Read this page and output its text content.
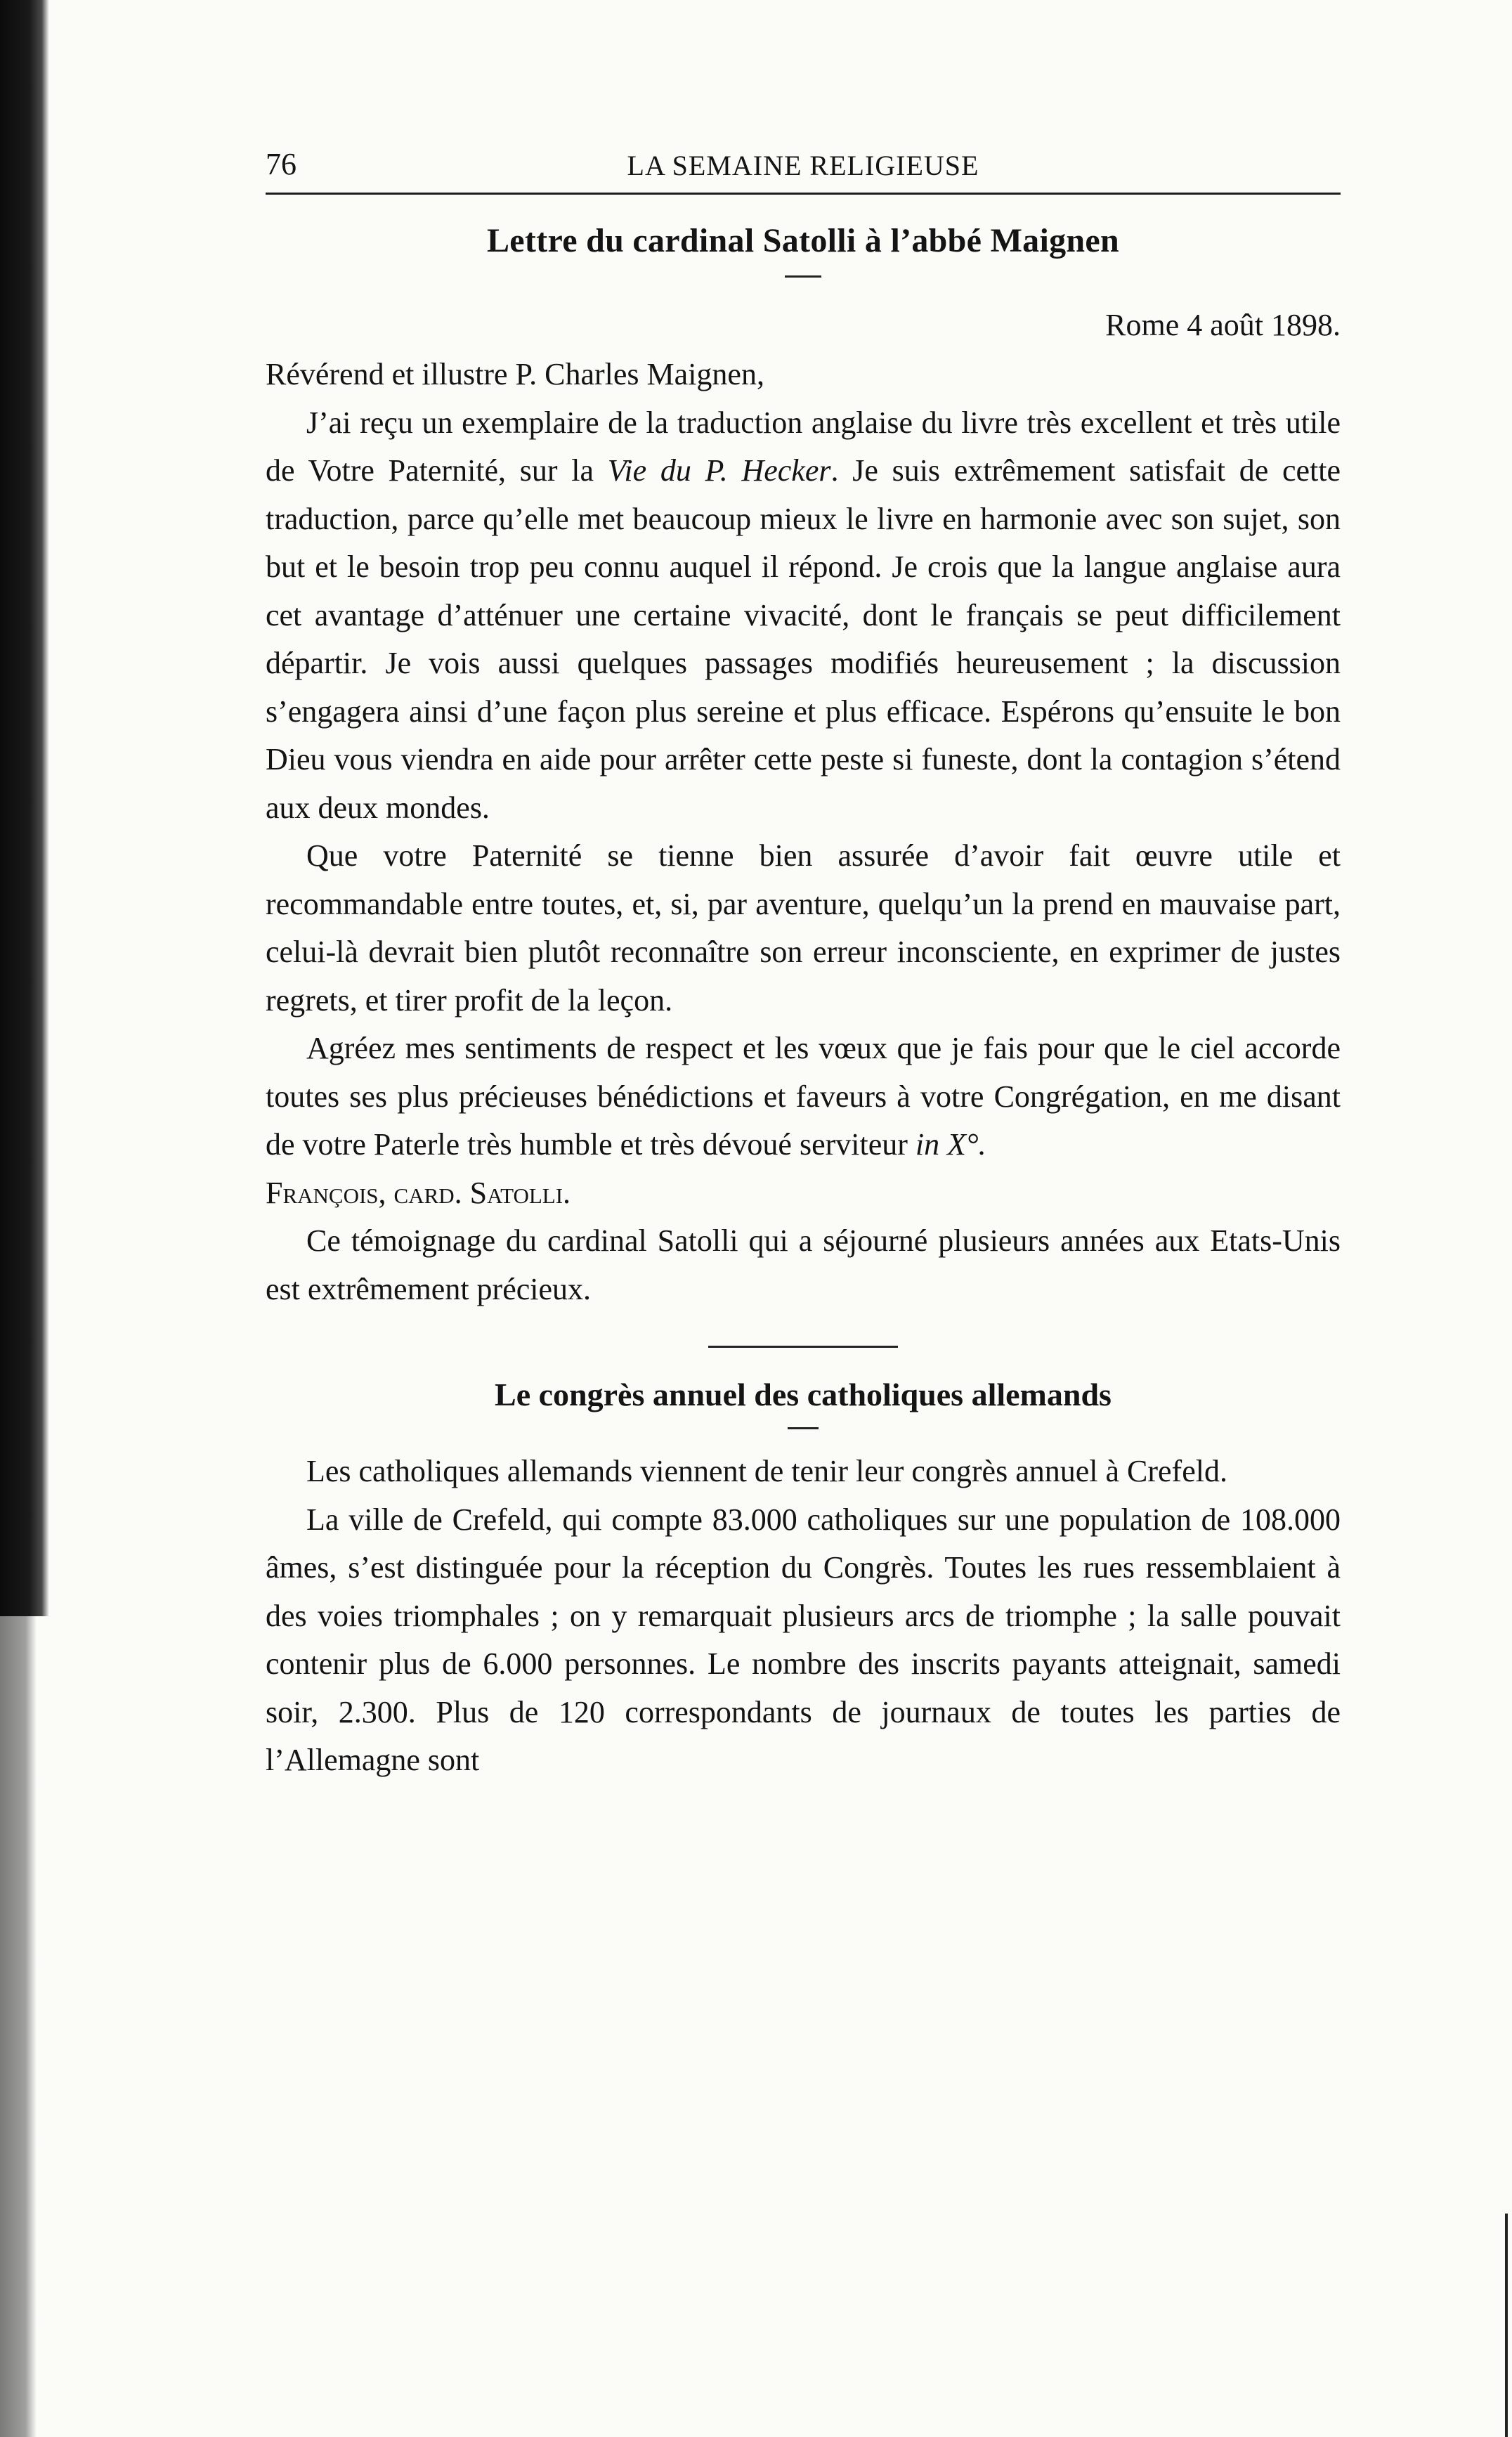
76	LA SEMAINE RELIGIEUSE
Lettre du cardinal Satolli à l’abbé Maignen
Rome 4 août 1898.

Révérend et illustre P. Charles Maignen,

J’ai reçu un exemplaire de la traduction anglaise du livre très excellent et très utile de Votre Paternité, sur la Vie du P. Hecker. Je suis extrêmement satisfait de cette traduction, parce qu’elle met beaucoup mieux le livre en harmonie avec son sujet, son but et le besoin trop peu connu auquel il répond. Je crois que la langue anglaise aura cet avantage d’atténuer une certaine vivacité, dont le français se peut difficilement départir. Je vois aussi quelques passages modifiés heureusement ; la discussion s’engagera ainsi d’une façon plus sereine et plus efficace. Espérons qu’ensuite le bon Dieu vous viendra en aide pour arrêter cette peste si funeste, dont la contagion s’étend aux deux mondes.

Que votre Paternité se tienne bien assurée d’avoir fait œuvre utile et recommandable entre toutes, et, si, par aventure, quelqu’un la prend en mauvaise part, celui-là devrait bien plutôt reconnaître son erreur inconsciente, en exprimer de justes regrets, et tirer profit de la leçon.

Agréez mes sentiments de respect et les vœux que je fais pour que le ciel accorde toutes ses plus précieuses bénédictions et faveurs à votre Congrégation, en me disant de votre Paterle très humble et très dévoué serviteur in X°.

François, card. Satolli.

Ce témoignage du cardinal Satolli qui a séjourné plusieurs années aux Etats-Unis est extrêmement précieux.

Le congrès annuel des catholiques allemands

Les catholiques allemands viennent de tenir leur congrès annuel à Crefeld.

La ville de Crefeld, qui compte 83.000 catholiques sur une population de 108.000 âmes, s’est distinguée pour la réception du Congrès. Toutes les rues ressemblaient à des voies triomphales ; on y remarquait plusieurs arcs de triomphe ; la salle pouvait contenir plus de 6.000 personnes. Le nombre des inscrits payants atteignait, samedi soir, 2.300. Plus de 120 correspondants de journaux de toutes les parties de l’Allemagne sont
